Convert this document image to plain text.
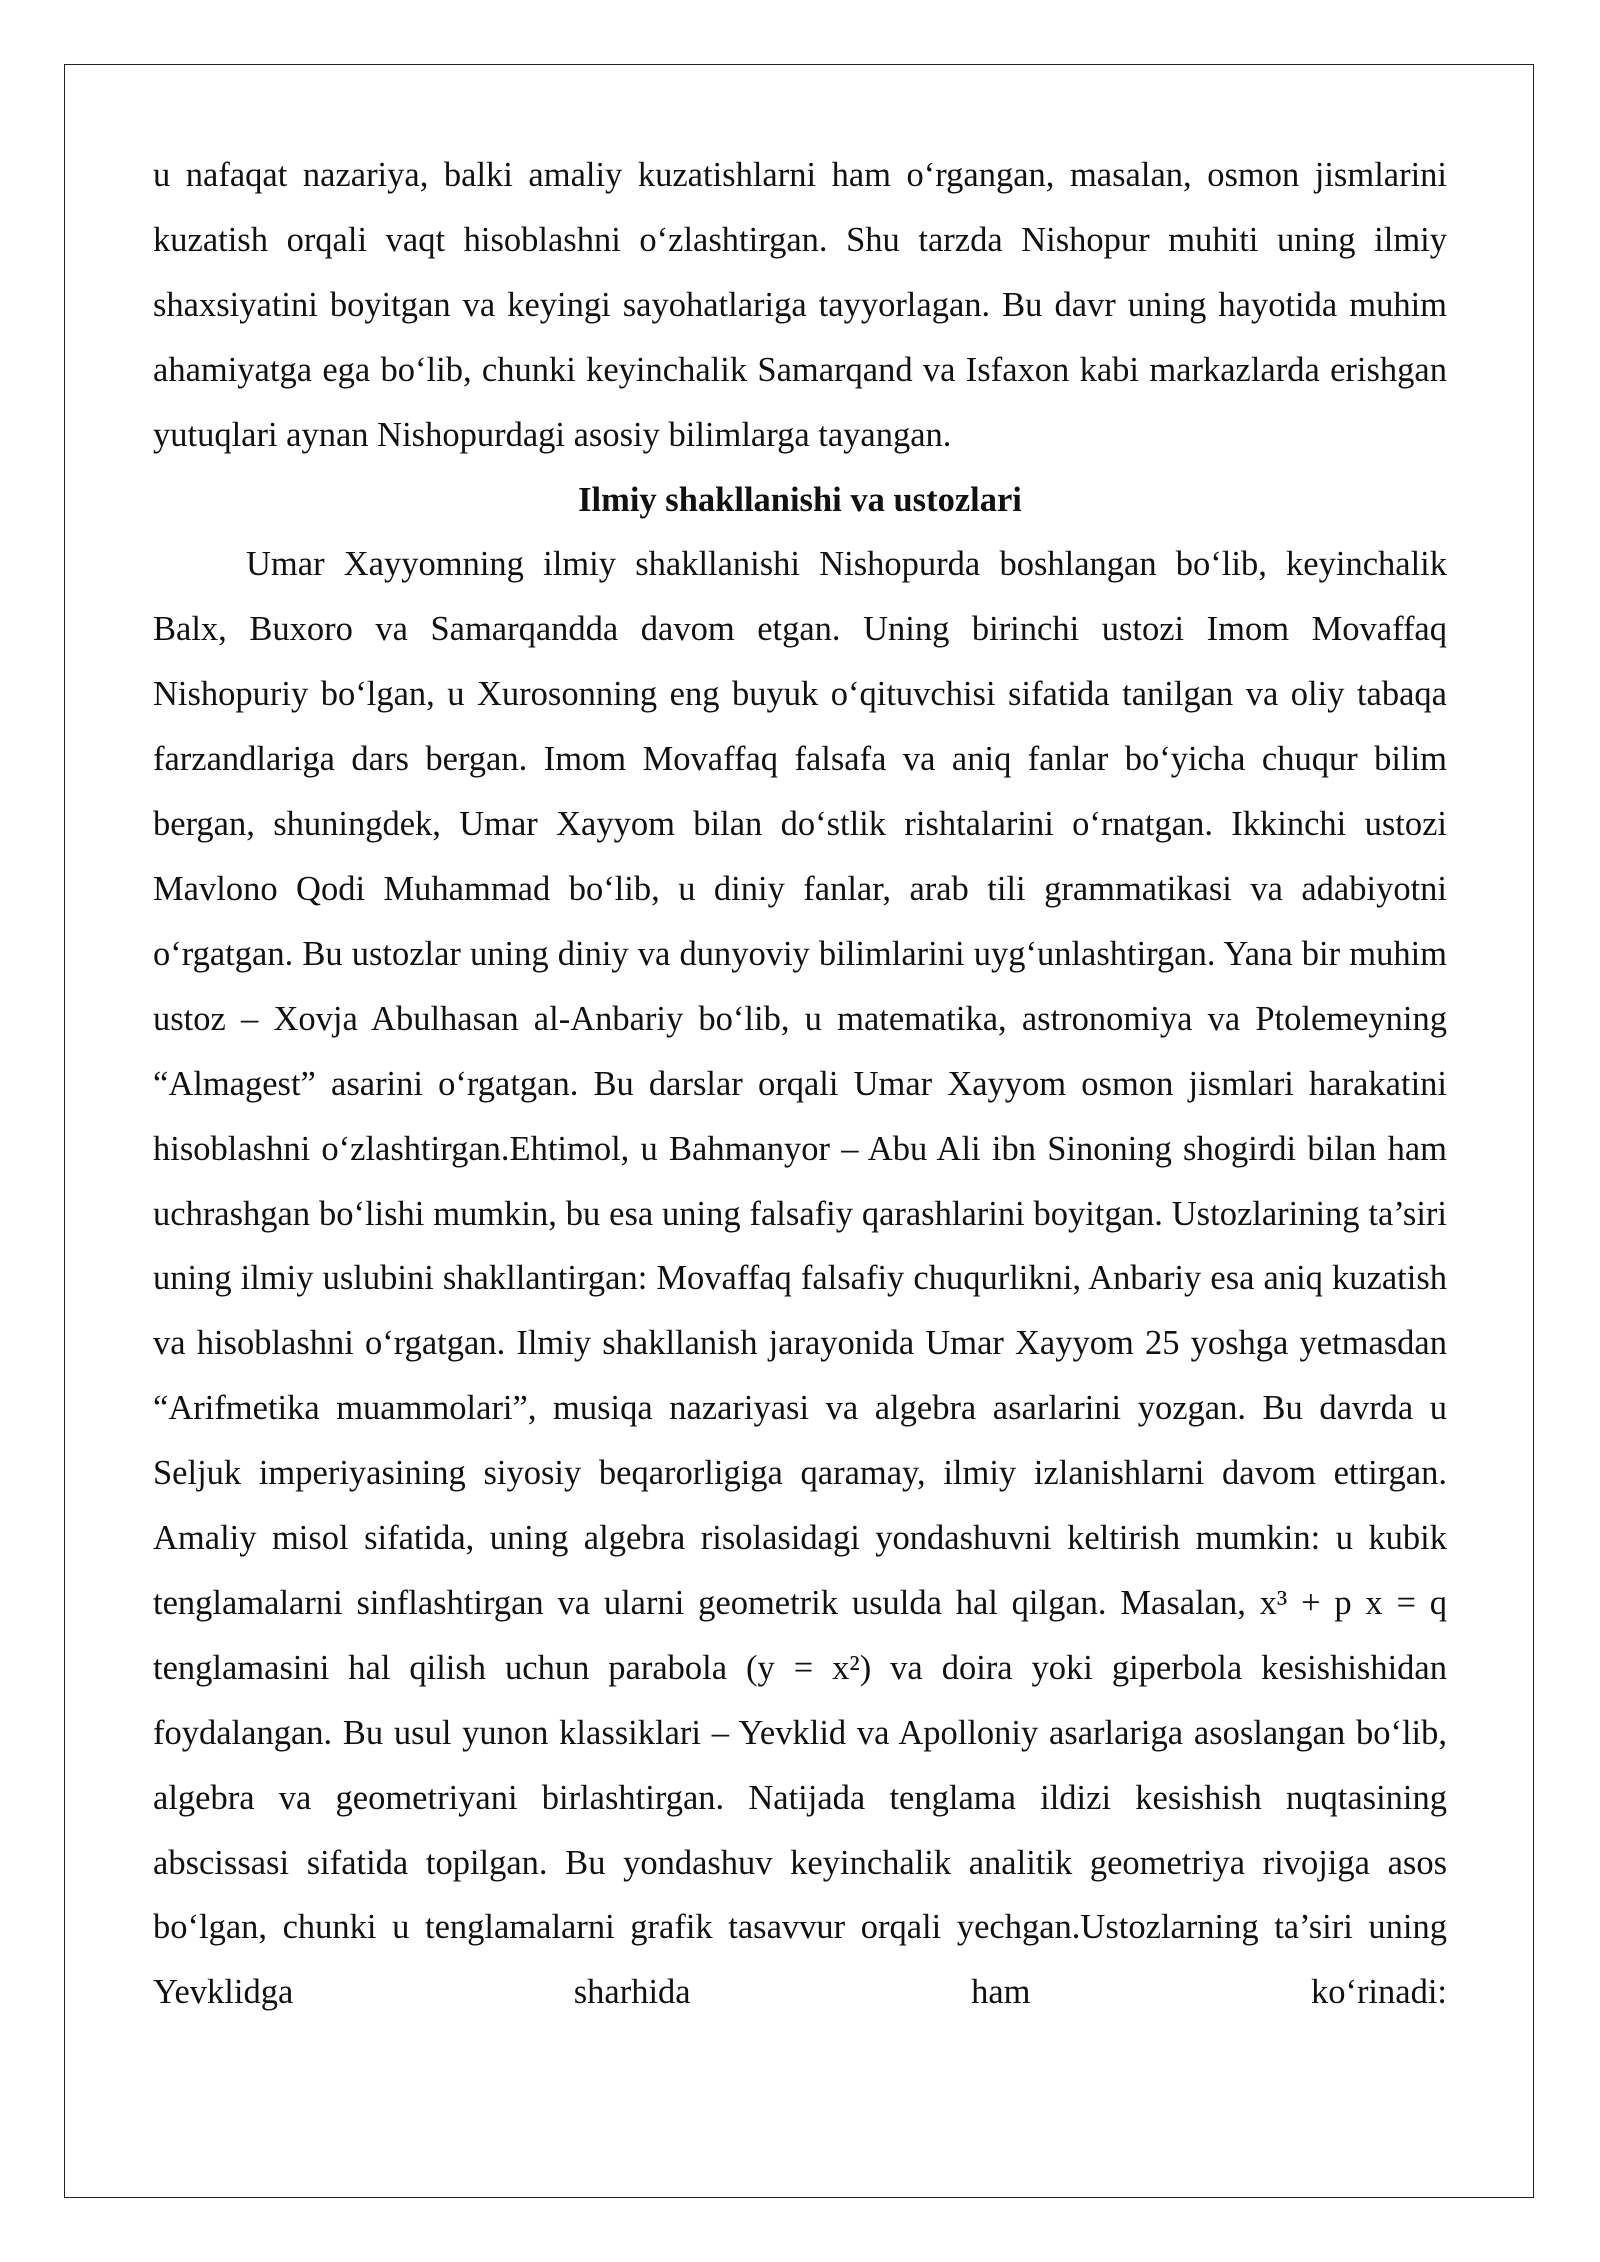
u nafaqat nazariya, balki amaliy kuzatishlarni ham o‘rgangan, masalan, osmon jismlarini kuzatish orqali vaqt hisoblashni o‘zlashtirgan. Shu tarzda Nishopur muhiti uning ilmiy shaxsiyatini boyitgan va keyingi sayohatlariga tayyorlagan. Bu davr uning hayotida muhim ahamiyatga ega bo‘lib, chunki keyinchalik Samarqand va Isfaxon kabi markazlarda erishgan yutuqlari aynan Nishopurdagi asosiy bilimlarga tayangan.

Ilmiy shakllanishi va ustozlari

Umar Xayyomning ilmiy shakllanishi Nishopurda boshlangan bo‘lib, keyinchalik Balx, Buxoro va Samarqandda davom etgan. Uning birinchi ustozi Imom Movaffaq Nishopuriy bo‘lgan, u Xurosonning eng buyuk o‘qituvchisi sifatida tanilgan va oliy tabaqa farzandlariga dars bergan. Imom Movaffaq falsafa va aniq fanlar bo‘yicha chuqur bilim bergan, shuningdek, Umar Xayyom bilan do‘stlik rishtalarini o‘rnatgan. Ikkinchi ustozi Mavlono Qodi Muhammad bo‘lib, u diniy fanlar, arab tili grammatikasi va adabiyotni o‘rgatgan. Bu ustozlar uning diniy va dunyoviy bilimlarini uyg‘unlashtirgan. Yana bir muhim ustoz – Xovja Abulhasan al-Anbariy bo‘lib, u matematika, astronomiya va Ptolemeyning “Almagest” asarini o‘rgatgan. Bu darslar orqali Umar Xayyom osmon jismlari harakatini hisoblashni o‘zlashtirgan.Ehtimol, u Bahmanyor – Abu Ali ibn Sinoning shogirdi bilan ham uchrashgan bo‘lishi mumkin, bu esa uning falsafiy qarashlarini boyitgan. Ustozlarining ta’siri uning ilmiy uslubini shakllantirgan: Movaffaq falsafiy chuqurlikni, Anbariy esa aniq kuzatish va hisoblashni o‘rgatgan. Ilmiy shakllanish jarayonida Umar Xayyom 25 yoshga yetmasdan “Arifmetika muammolari”, musiqa nazariyasi va algebra asarlarini yozgan. Bu davrda u Seljuk imperiyasining siyosiy beqarorligiga qaramay, ilmiy izlanishlarni davom ettirgan. Amaliy misol sifatida, uning algebra risolasidagi yondashuvni keltirish mumkin: u kubik tenglamalarni sinflashtirgan va ularni geometrik usulda hal qilgan. Masalan, x³ + p x = q tenglamasini hal qilish uchun parabola (y = x²) va doira yoki giperbola kesishishidan foydalangan. Bu usul yunon klassiklari – Yevklid va Apolloniy asarlariga asoslangan bo‘lib, algebra va geometriyani birlashtirgan. Natijada tenglama ildizi kesishish nuqtasining abscissasi sifatida topilgan. Bu yondashuv keyinchalik analitik geometriya rivojiga asos bo‘lgan, chunki u tenglamalarni grafik tasavvur orqali yechgan.Ustozlarning ta’siri uning Yevklidga sharhida ham ko‘rinadi:
